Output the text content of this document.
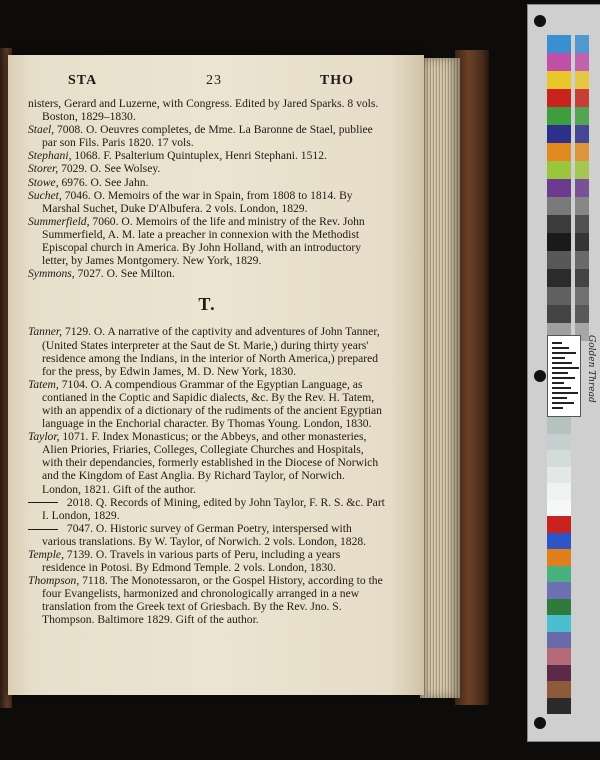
STA	23	THO

nisters, Gerard and Luzerne, with Congress. Edited by Jared Sparks. 8 vols. Boston, 1829–1830.

Stael, 7008. O. Oeuvres completes, de Mme. La Baronne de Stael, publiee par son Fils. Paris 1820. 17 vols.

Stephani, 1068. F. Psalterium Quintuplex, Henri Stephani. 1512.

Storer, 7029. O. See Wolsey.

Stowe, 6976. O. See Jahn.

Suchet, 7046. O. Memoirs of the war in Spain, from 1808 to 1814. By Marshal Suchet, Duke D'Albufera. 2 vols. London, 1829.

Summerfield, 7060. O. Memoirs of the life and ministry of the Rev. John Summerfield, A. M. late a preacher in connexion with the Methodist Episcopal church in America. By John Holland, with an introductory letter, by James Montgomery. New York, 1829.

Symmons, 7027. O. See Milton.

T.

Tanner, 7129. O. A narrative of the captivity and adventures of John Tanner, (United States interpreter at the Saut de St. Marie,) during thirty years' residence among the Indians, in the interior of North America,) prepared for the press, by Edwin James, M. D. New York, 1830.

Tatem, 7104. O. A compendious Grammar of the Egyptian Language, as contianed in the Coptic and Sapidic dialects, &c. By the Rev. H. Tatem, with an appendix of a dictionary of the rudiments of the ancient Egyptian language in the Enchorial character. By Thomas Young. London, 1830.

Taylor, 1071. F. Index Monasticus; or the Abbeys, and other monasteries, Alien Priories, Friaries, Colleges, Collegiate Churches and Hospitals, with their dependancies, formerly established in the Diocese of Norwich and the Kingdom of East Anglia. By Richard Taylor, of Norwich. London, 1821. Gift of the author.

2018. Q. Records of Mining, edited by John Taylor, F. R. S. &c. Part I. London, 1829.

7047. O. Historic survey of German Poetry, interspersed with various translations. By W. Taylor, of Norwich. 2 vols. London, 1828.

Temple, 7139. O. Travels in various parts of Peru, including a years residence in Potosi. By Edmond Temple. 2 vols. London, 1830.

Thompson, 7118. The Monotessaron, or the Gospel History, according to the four Evangelists, harmonized and chronologically arranged in a new translation from the Greek text of Griesbach. By the Rev. Jno. S. Thompson. Baltimore 1829. Gift of the author.

Golden Thread
